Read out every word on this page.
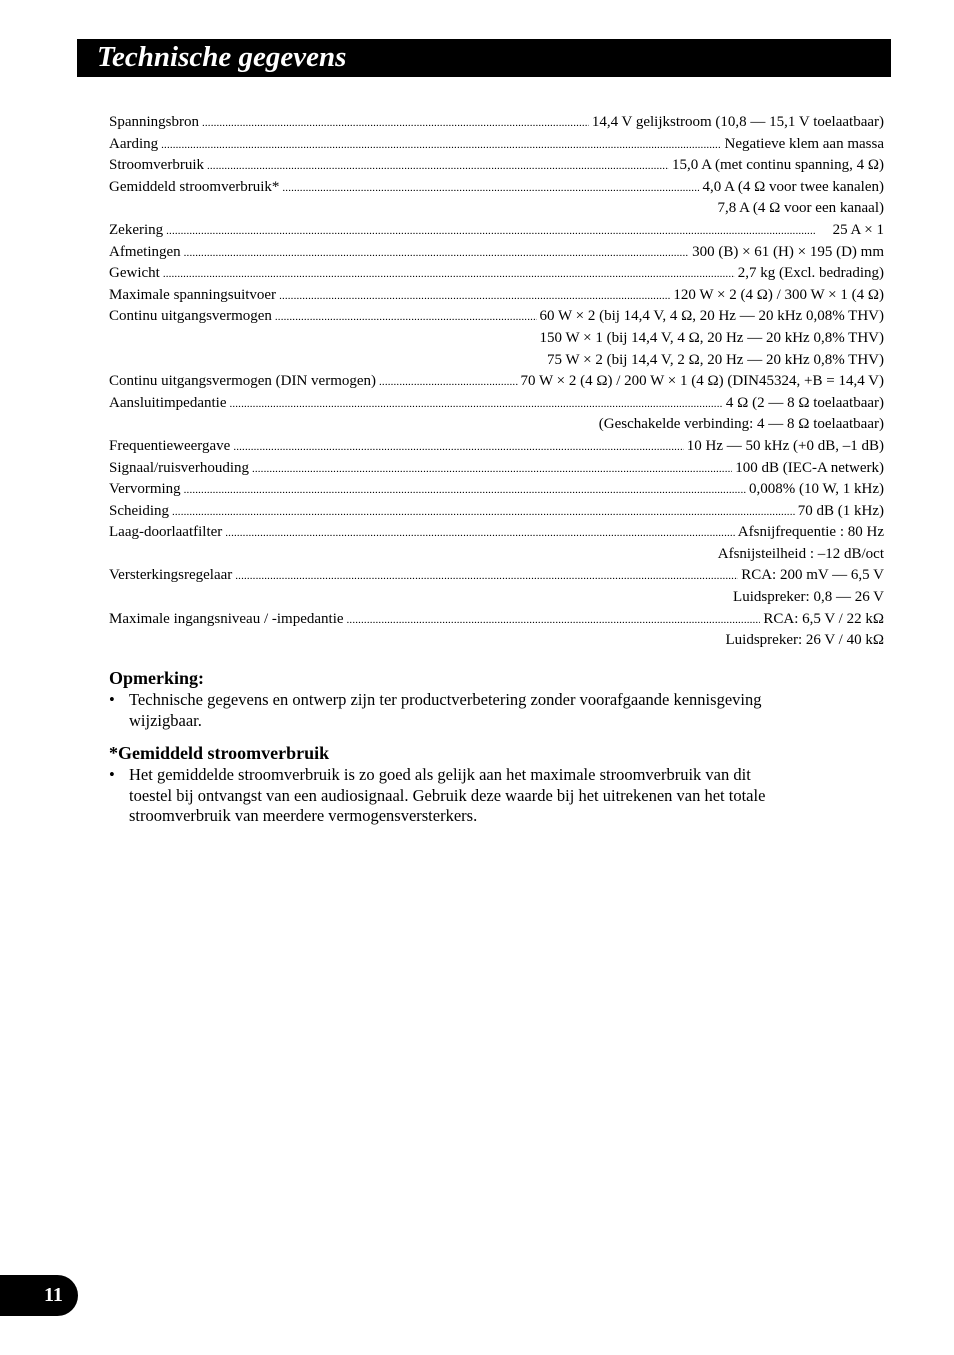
Technische gegevens
Spanningsbron . . .	14,4 V gelijkstroom (10,8 — 15,1 V toelaatbaar)
Aarding . . .	Negatieve klem aan massa
Stroomverbruik . . .	15,0 A (met continu spanning, 4 Ω)
Gemiddeld stroomverbruik* . . .	4,0 A (4 Ω voor twee kanalen)
7,8 A (4 Ω voor een kanaal)
Zekering . . .	25 A × 1
Afmetingen . . .	300 (B) × 61 (H) × 195 (D) mm
Gewicht . . .	2,7 kg (Excl. bedrading)
Maximale spanningsuitvoer . . .	120 W × 2 (4 Ω) / 300 W × 1 (4 Ω)
Continu uitgangsvermogen . . .	60 W × 2 (bij 14,4 V, 4 Ω, 20 Hz — 20 kHz 0,08% THV)
150 W × 1 (bij 14,4 V, 4 Ω, 20 Hz — 20 kHz 0,8% THV)
75 W × 2 (bij 14,4 V, 2 Ω, 20 Hz — 20 kHz 0,8% THV)
Continu uitgangsvermogen (DIN vermogen) . . .	70 W × 2 (4 Ω) / 200 W × 1 (4 Ω) (DIN45324, +B = 14,4 V)
Aansluitimpedantie . . .	4 Ω (2 — 8 Ω toelaatbaar)
(Geschakelde verbinding: 4 — 8 Ω toelaatbaar)
Frequentieweergave . . .	10 Hz — 50 kHz (+0 dB, –1 dB)
Signaal/ruisverhouding . . .	100 dB (IEC-A netwerk)
Vervorming . . .	0,008% (10 W, 1 kHz)
Scheiding . . .	70 dB (1 kHz)
Laag-doorlaatfilter . . .	Afsnijfrequentie : 80 Hz
Afsnijsteilheid : –12 dB/oct
Versterkingsregelaar . . .	RCA: 200 mV — 6,5 V
Luidspreker: 0,8 — 26 V
Maximale ingangsniveau / -impedantie . . .	RCA: 6,5 V / 22 kΩ
Luidspreker: 26 V / 40 kΩ
Opmerking:
• Technische gegevens en ontwerp zijn ter productverbetering zonder voorafgaande kennisgeving wijzigbaar.
*Gemiddeld stroomverbruik
• Het gemiddelde stroomverbruik is zo goed als gelijk aan het maximale stroomverbruik van dit toestel bij ontvangst van een audiosignaal. Gebruik deze waarde bij het uitrekenen van het totale stroomverbruik van meerdere vermogensversterkers.
11
